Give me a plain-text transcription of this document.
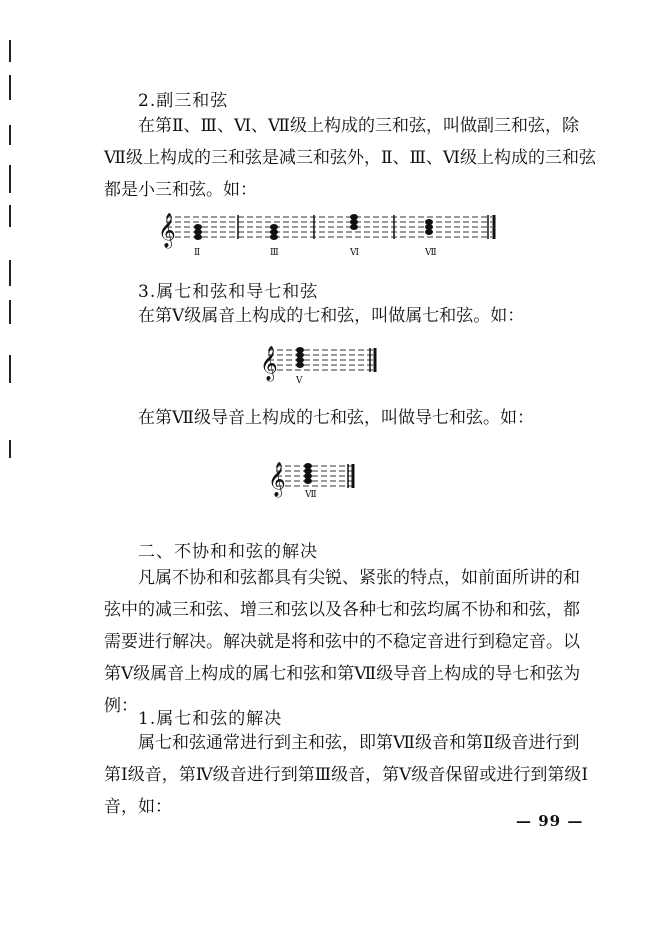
2.副三和弦

在第Ⅱ、Ⅲ、Ⅵ、Ⅶ级上构成的三和弦，叫做副三和弦，除Ⅶ级上构成的三和弦是减三和弦外，Ⅱ、Ⅲ、Ⅵ级上构成的三和弦都是小三和弦。如：

𝄞
Ⅱ	Ⅲ	Ⅵ	Ⅶ
3.属七和弦和导七和弦

在第Ⅴ级属音上构成的七和弦，叫做属七和弦。如：

𝄞 Ⅴ

在第Ⅶ级导音上构成的七和弦，叫做导七和弦。如：

𝄞 Ⅶ
二、不协和和弦的解决

凡属不协和和弦都具有尖锐、紧张的特点，如前面所讲的和弦中的减三和弦、增三和弦以及各种七和弦均属不协和和弦，都需要进行解决。解决就是将和弦中的不稳定音进行到稳定音。以第Ⅴ级属音上构成的属七和弦和第Ⅶ级导音上构成的导七和弦为例：

1.属七和弦的解决

属七和弦通常进行到主和弦，即第Ⅶ级音和第Ⅱ级音进行到第Ⅰ级音，第Ⅳ级音进行到第Ⅲ级音，第Ⅴ级音保留或进行到第级Ⅰ音，如：

— 99 —
